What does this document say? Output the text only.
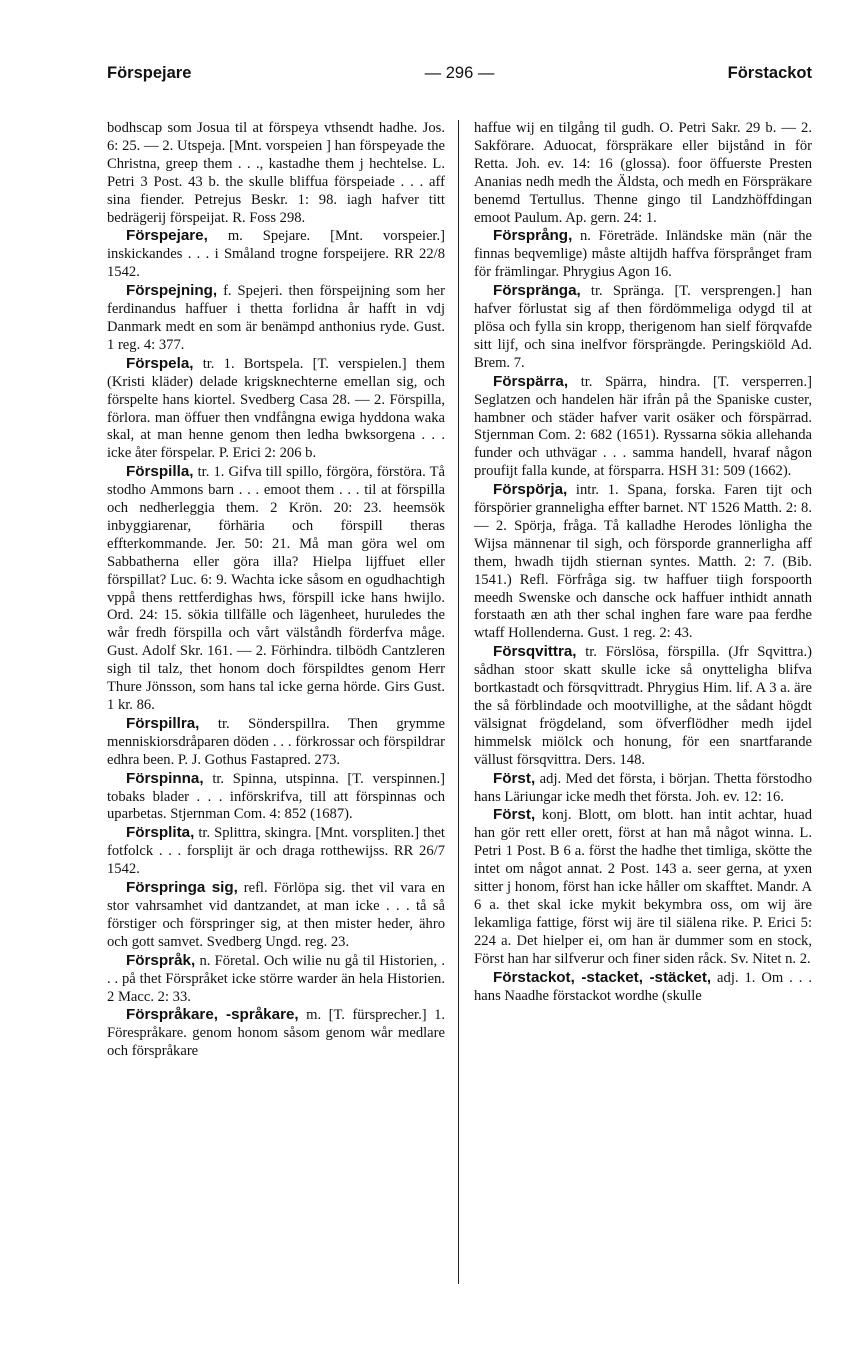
Förspejare	— 296 —	Förstackot

bodhscap som Josua til at förspeya vthsendt hadhe. Jos. 6: 25. — 2. Utspeja. [Mnt. vorspeien ] han förspeyade the Christna, greep them . . ., kastadhe them j hechtelse. L. Petri 3 Post. 43 b. the skulle bliffua förspeiade . . . aff sina fiender. Petrejus Beskr. 1: 98. iagh hafver titt bedrägerij förspeijat. R. Foss 298.

Förspejare, m. Spejare. [Mnt. vorspeier.] inskickandes . . . i Småland trogne forspeijere. RR 22/8 1542.

Förspejning, f. Spejeri. then förspeijning som her ferdinandus haffuer i thetta forlidna år hafft in vdj Danmark medt en som är benämpd anthonius ryde. Gust. 1 reg. 4: 377.

Förspela, tr. 1. Bortspela. [T. verspielen.] them (Kristi kläder) delade krigsknechterne emellan sig, och förspelte hans kiortel. Svedberg Casa 28. — 2. Förspilla, förlora. man öffuer then vndfångna ewiga hyddona waka skal, at man henne genom then ledha bwksorgena . . . icke åter förspelar. P. Erici 2: 206 b.

Förspilla, tr. 1. Gifva till spillo, förgöra, förstöra. Tå stodho Ammons barn . . . emoot them . . . til at förspilla och nedherleggia them. 2 Krön. 20: 23. heemsök inbyggiarenar, förhäria och förspill theras effterkommande. Jer. 50: 21. Må man göra wel om Sabbatherna eller göra illa? Hielpa lijffuet eller förspillat? Luc. 6: 9. Wachta icke såsom en ogudhachtigh vppå thens rettferdighas hws, förspill icke hans hwijlo. Ord. 24: 15. sökia tillfälle och lägenheet, huruledes the wår fredh förspilla och vårt välståndh förderfva måge. Gust. Adolf Skr. 161. — 2. Förhindra. tilbödh Cantzleren sigh til talz, thet honom doch förspildtes genom Herr Thure Jönsson, som hans tal icke gerna hörde. Girs Gust. 1 kr. 86.

Förspillra, tr. Sönderspillra. Then grymme menniskiorsdråparen döden . . . förkrossar och förspildrar edhra been. P. J. Gothus Fastapred. 273.

Förspinna, tr. Spinna, utspinna. [T. verspinnen.] tobaks blader . . . införskrifva, till att förspinnas och uparbetas. Stjernman Com. 4: 852 (1687).

Försplita, tr. Splittra, skingra. [Mnt. vorspliten.] thet fotfolck . . . forsplijt är och draga rotthewijss. RR 26/7 1542.

Förspringa sig, refl. Förlöpa sig. thet vil vara en stor vahrsamhet vid dantzandet, at man icke . . . tå så förstiger och förspringer sig, at then mister heder, ähro och gott samvet. Svedberg Ungd. reg. 23.

Förspråk, n. Företal. Och wilie nu gå til Historien, . . . på thet Förspråket icke större warder än hela Historien. 2 Macc. 2: 33.

Förspråkare, -språkare, m. [T. fürsprecher.] 1. Förespråkare. genom honom såsom genom wår medlare och förspråkare

haffue wij en tilgång til gudh. O. Petri Sakr. 29 b. — 2. Sakförare. Aduocat, förspräkare eller bijstånd in för Retta. Joh. ev. 14: 16 (glossa). foor öffuerste Presten Ananias nedh medh the Äldsta, och medh en Förspräkare benemd Tertullus. Thenne gingo til Landzhöffdingan emoot Paulum. Ap. gern. 24: 1.

Försprång, n. Företräde. Inländske män (när the finnas beqvemlige) måste altijdh haffva försprånget fram för främlingar. Phrygius Agon 16.

Förspränga, tr. Spränga. [T. versprengen.] han hafver förlustat sig af then fördömmeliga odygd til at plösa och fylla sin kropp, therigenom han sielf förqvafde sitt lijf, och sina inelfvor försprängde. Peringskiöld Ad. Brem. 7.

Förspärra, tr. Spärra, hindra. [T. versperren.] Seglatzen och handelen här ifrån på the Spaniske custer, hambner och städer hafver varit osäker och förspärrad. Stjernman Com. 2: 682 (1651). Ryssarna sökia allehanda funder och uthvägar . . . samma handell, hvaraf någon proufijt falla kunde, at försparra. HSH 31: 509 (1662).

Förspörja, intr. 1. Spana, forska. Faren tijt och förspörier granneligha effter barnet. NT 1526 Matth. 2: 8. — 2. Spörja, fråga. Tå kalladhe Herodes lönligha the Wijsa männenar til sigh, och försporde grannerligha aff them, hwadh tijdh stiernan syntes. Matth. 2: 7. (Bib. 1541.) Refl. Förfråga sig. tw haffuer tiigh forspoorth meedh Swenske och dansche ock haffuer inthidt annath forstaath æn ath ther schal inghen fare ware paa ferdhe wtaff Hollenderna. Gust. 1 reg. 2: 43.

Försqvittra, tr. Förslösa, förspilla. (Jfr Sqvittra.) sådhan stoor skatt skulle icke så onytteligha blifva bortkastadt och försqvittradt. Phrygius Him. lif. A 3 a. äre the så förblindade och mootvillighe, at the sådant högdt välsignat frögdeland, som öfverflödher medh ijdel himmelsk miölck och honung, för een snartfarande vällust försqvittra. Ders. 148.

Först, adj. Med det första, i början. Thetta förstodho hans Läriungar icke medh thet första. Joh. ev. 12: 16.

Först, konj. Blott, om blott. han intit achtar, huad han gör rett eller orett, först at han må något winna. L. Petri 1 Post. B 6 a. först the hadhe thet timliga, skötte the intet om något annat. 2 Post. 143 a. seer gerna, at yxen sitter j honom, först han icke håller om skafftet. Mandr. A 6 a. thet skal icke mykit bekymbra oss, om wij äre lekamliga fattige, först wij äre til siälena rike. P. Erici 5: 224 a. Det hielper ei, om han är dummer som en stock, Först han har silfverur och finer siden råck. Sv. Nitet n. 2.

Förstackot, -stacket, -stäcket, adj. 1. Om . . . hans Naadhe förstackot wordhe (skulle
